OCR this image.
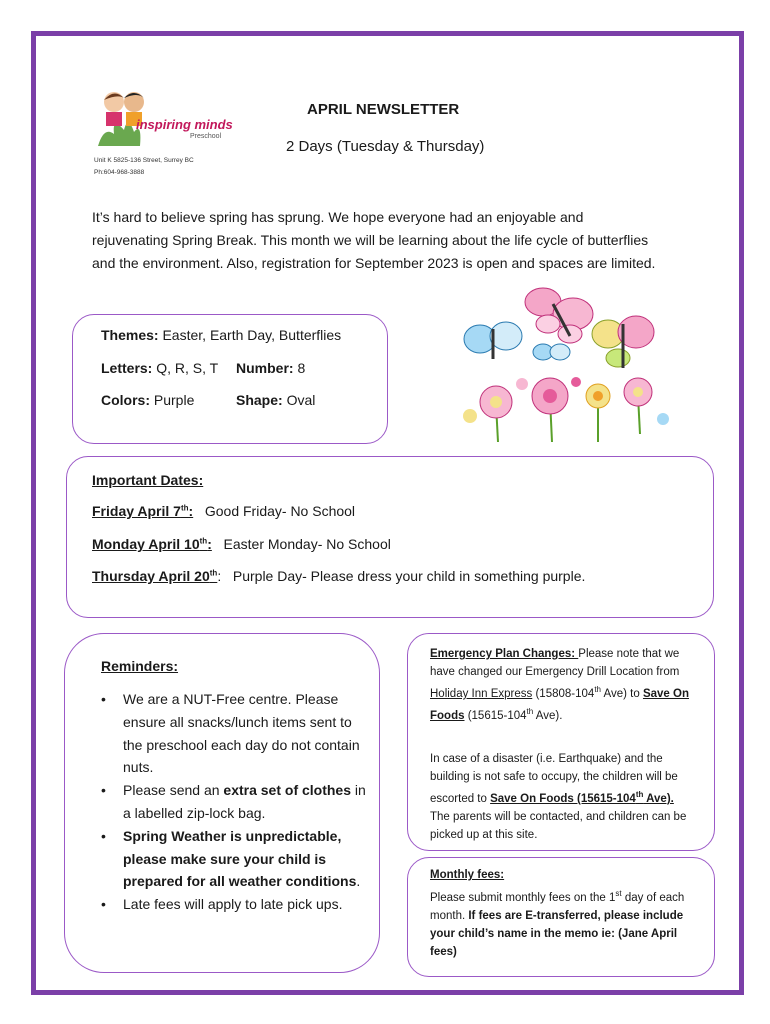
inspiring minds
Preschool
Unit K 5825-136 Street, Surrey BC
Ph:604-968-3888
APRIL NEWSLETTER
2 Days (Tuesday & Thursday)
It’s hard to believe spring has sprung. We hope everyone had an enjoyable and rejuvenating Spring Break. This month we will be learning about the life cycle of butterflies and the environment. Also, registration for September 2023 is open and spaces are limited.
Themes: Easter, Earth Day, Butterflies
Letters: Q, R, S, T Number: 8
Colors: Purple	Shape: Oval
Important Dates:
Friday April 7th: Good Friday- No School
Monday April 10th: Easter Monday- No School
Thursday April 20th: Purple Day- Please dress your child in something purple.
Reminders:
• We are a NUT-Free centre. Please ensure all snacks/lunch items sent to the preschool each day do not contain nuts.
• Please send an extra set of clothes in a labelled zip-lock bag.
• Spring Weather is unpredictable, please make sure your child is prepared for all weather conditions.
• Late fees will apply to late pick ups.
Emergency Plan Changes: Please note that we have changed our Emergency Drill Location from Holiday Inn Express (15808-104th Ave) to Save On Foods (15615-104th Ave).
In case of a disaster (i.e. Earthquake) and the building is not safe to occupy, the children will be escorted to Save On Foods (15615-104th Ave). The parents will be contacted, and children can be picked up at this site.
Monthly fees:
Please submit monthly fees on the 1st day of each month. If fees are E-transferred, please include your child’s name in the memo ie: (Jane April fees)
